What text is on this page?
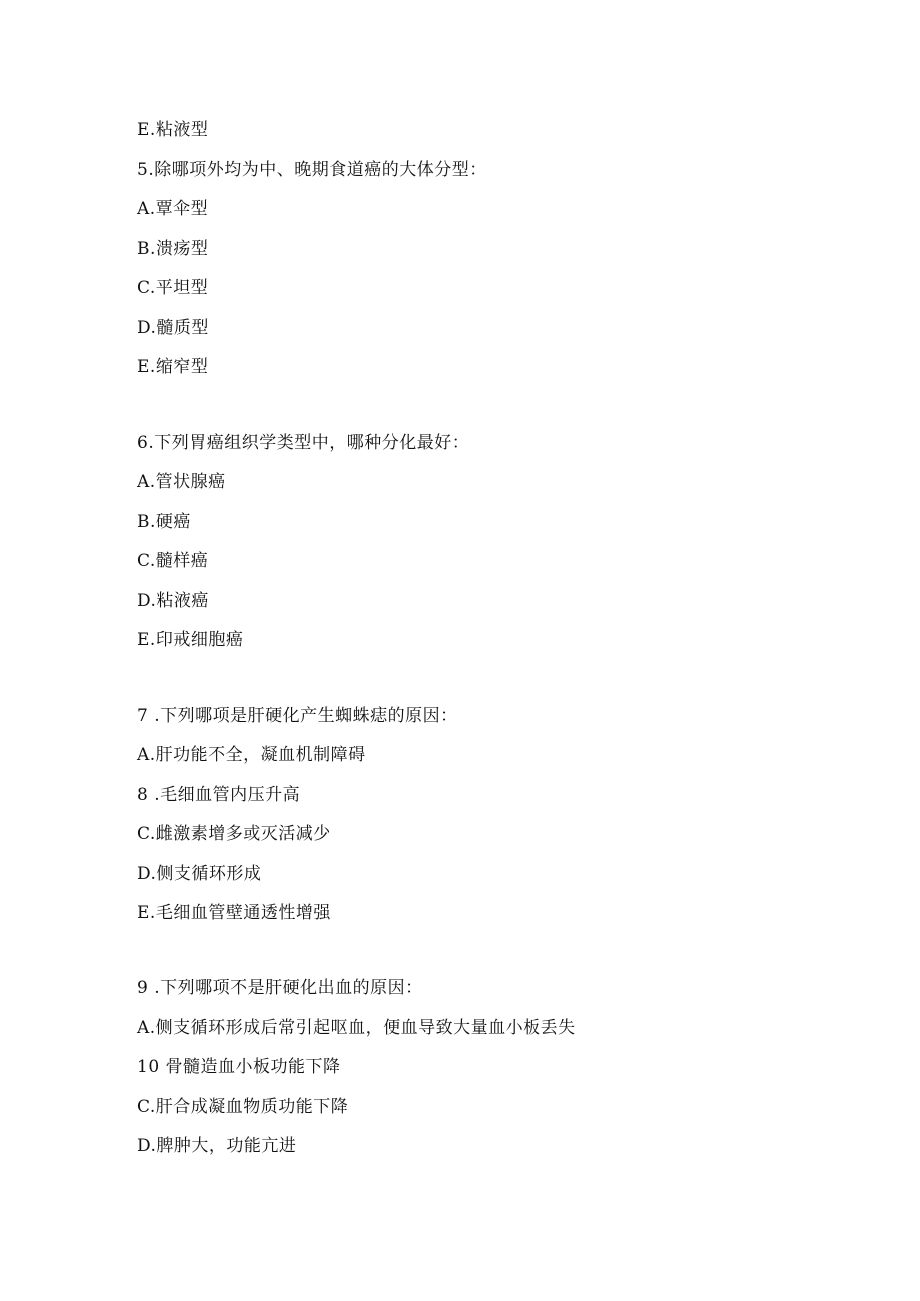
E.粘液型
5.除哪项外均为中、晚期食道癌的大体分型：
A.覃伞型
B.溃疡型
C.平坦型
D.髓质型
E.缩窄型
6.下列胃癌组织学类型中，哪种分化最好：
A.管状腺癌
B.硬癌
C.髓样癌
D.粘液癌
E.印戒细胞癌
7 .下列哪项是肝硬化产生蜘蛛痣的原因：
A.肝功能不全，凝血机制障碍
8 .毛细血管内压升高
C.雌激素增多或灭活减少
D.侧支循环形成
E.毛细血管壁通透性增强
9 .下列哪项不是肝硬化出血的原因：
A.侧支循环形成后常引起呕血，便血导致大量血小板丢失
10 骨髓造血小板功能下降
C.肝合成凝血物质功能下降
D.脾肿大，功能亢进
